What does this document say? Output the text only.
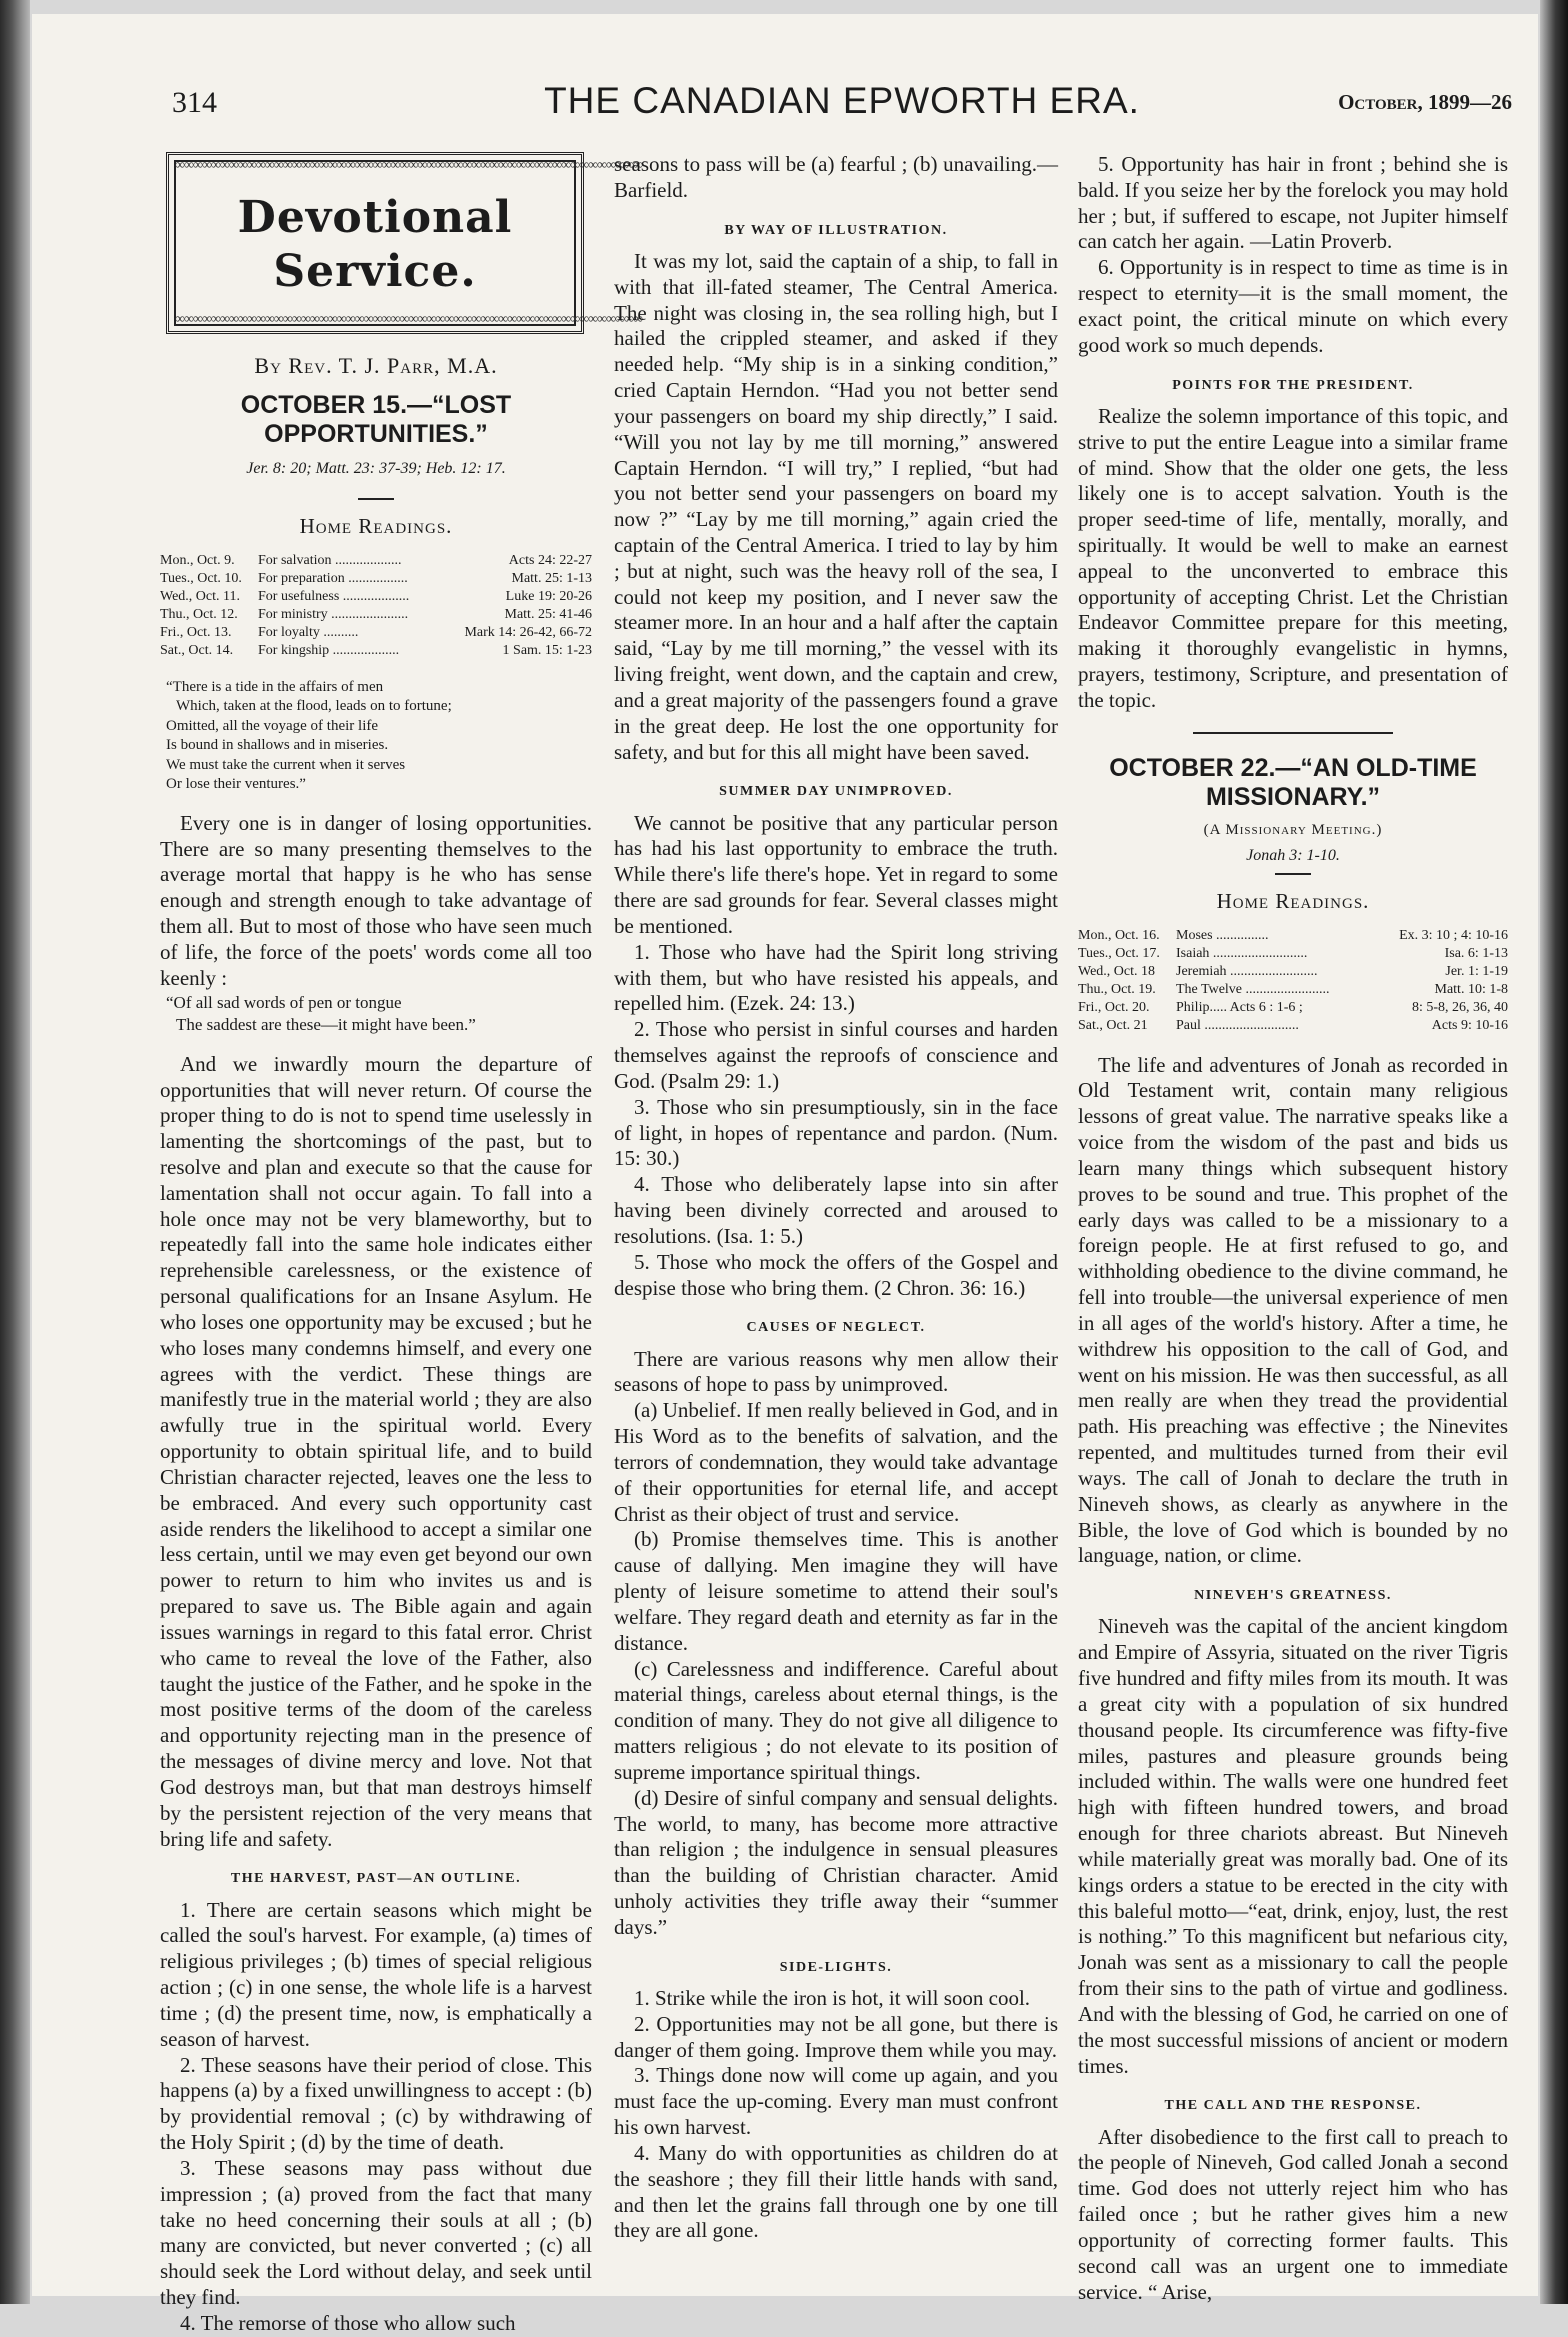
314	THE CANADIAN EPWORTH ERA.	October, 1899—26
∞∞∞∞∞∞∞∞∞∞∞∞∞∞∞∞∞∞∞∞∞∞∞∞∞∞∞∞∞∞∞∞∞∞∞∞∞∞∞∞∞∞∞∞∞∞∞∞∞∞∞∞
Devotional Service.
∞∞∞∞∞∞∞∞∞∞∞∞∞∞∞∞∞∞∞∞∞∞∞∞∞∞∞∞∞∞∞∞∞∞∞∞∞∞∞∞∞∞∞∞∞∞∞∞∞∞∞∞
By Rev. T. J. Parr, M.A.
OCTOBER 15.—“LOST OPPORTUNITIES.”
Jer. 8: 20; Matt. 23: 37-39; Heb. 12: 17.
Home Readings.
Mon., Oct. 9.	For salvation ...................	Acts 24: 22-27
Tues., Oct. 10.	For preparation .................	Matt. 25: 1-13
Wed., Oct. 11.	For usefulness ...................	Luke 19: 20-26
Thu., Oct. 12.	For ministry ......................	Matt. 25: 41-46
Fri., Oct. 13.	For loyalty ..........	Mark 14: 26-42, 66-72
Sat., Oct. 14.	For kingship ...................	1 Sam. 15: 1-23
“There is a tide in the affairs of men
Which, taken at the flood, leads on to fortune;
Omitted, all the voyage of their life
Is bound in shallows and in miseries.
We must take the current when it serves
Or lose their ventures.”

Every one is in danger of losing opportunities. There are so many presenting themselves to the average mortal that happy is he who has sense enough and strength enough to take advantage of them all. But to most of those who have seen much of life, the force of the poets' words come all too keenly :

“Of all sad words of pen or tongue
The saddest are these—it might have been.”

And we inwardly mourn the departure of opportunities that will never return. Of course the proper thing to do is not to spend time uselessly in lamenting the shortcomings of the past, but to resolve and plan and execute so that the cause for lamentation shall not occur again. To fall into a hole once may not be very blameworthy, but to repeatedly fall into the same hole indicates either reprehensible carelessness, or the existence of personal qualifications for an Insane Asylum. He who loses one opportunity may be excused ; but he who loses many condemns himself, and every one agrees with the verdict. These things are manifestly true in the material world ; they are also awfully true in the spiritual world. Every opportunity to obtain spiritual life, and to build Christian character rejected, leaves one the less to be embraced. And every such opportunity cast aside renders the likelihood to accept a similar one less certain, until we may even get beyond our own power to return to him who invites us and is prepared to save us. The Bible again and again issues warnings in regard to this fatal error. Christ who came to reveal the love of the Father, also taught the justice of the Father, and he spoke in the most positive terms of the doom of the careless and opportunity rejecting man in the presence of the messages of divine mercy and love. Not that God destroys man, but that man destroys himself by the persistent rejection of the very means that bring life and safety.

THE HARVEST, PAST—AN OUTLINE.

1. There are certain seasons which might be called the soul's harvest. For example, (a) times of religious privileges ; (b) times of special religious action ; (c) in one sense, the whole life is a harvest time ; (d) the present time, now, is emphatically a season of harvest.

2. These seasons have their period of close. This happens (a) by a fixed unwillingness to accept : (b) by providential removal ; (c) by withdrawing of the Holy Spirit ; (d) by the time of death.

3. These seasons may pass without due impression ; (a) proved from the fact that many take no heed concerning their souls at all ; (b) many are convicted, but never converted ; (c) all should seek the Lord without delay, and seek until they find.

4. The remorse of those who allow such

seasons to pass will be (a) fearful ; (b) unavailing.—Barfield.

BY WAY OF ILLUSTRATION.

It was my lot, said the captain of a ship, to fall in with that ill-fated steamer, The Central America. The night was closing in, the sea rolling high, but I hailed the crippled steamer, and asked if they needed help. “My ship is in a sinking condition,” cried Captain Herndon. “Had you not better send your passengers on board my ship directly,” I said. “Will you not lay by me till morning,” answered Captain Herndon. “I will try,” I replied, “but had you not better send your passengers on board my now ?” “Lay by me till morning,” again cried the captain of the Central America. I tried to lay by him ; but at night, such was the heavy roll of the sea, I could not keep my position, and I never saw the steamer more. In an hour and a half after the captain said, “Lay by me till morning,” the vessel with its living freight, went down, and the captain and crew, and a great majority of the passengers found a grave in the great deep. He lost the one opportunity for safety, and but for this all might have been saved.

SUMMER DAY UNIMPROVED.

We cannot be positive that any particular person has had his last opportunity to embrace the truth. While there's life there's hope. Yet in regard to some there are sad grounds for fear. Several classes might be mentioned.

1. Those who have had the Spirit long striving with them, but who have resisted his appeals, and repelled him. (Ezek. 24: 13.)

2. Those who persist in sinful courses and harden themselves against the reproofs of conscience and God. (Psalm 29: 1.)

3. Those who sin presumptiously, sin in the face of light, in hopes of repentance and pardon. (Num. 15: 30.)

4. Those who deliberately lapse into sin after having been divinely corrected and aroused to resolutions. (Isa. 1: 5.)

5. Those who mock the offers of the Gospel and despise those who bring them. (2 Chron. 36: 16.)

CAUSES OF NEGLECT.

There are various reasons why men allow their seasons of hope to pass by unimproved.

(a) Unbelief. If men really believed in God, and in His Word as to the benefits of salvation, and the terrors of condemnation, they would take advantage of their opportunities for eternal life, and accept Christ as their object of trust and service.

(b) Promise themselves time. This is another cause of dallying. Men imagine they will have plenty of leisure sometime to attend their soul's welfare. They regard death and eternity as far in the distance.

(c) Carelessness and indifference. Careful about material things, careless about eternal things, is the condition of many. They do not give all diligence to matters religious ; do not elevate to its position of supreme importance spiritual things.

(d) Desire of sinful company and sensual delights. The world, to many, has become more attractive than religion ; the indulgence in sensual pleasures than the building of Christian character. Amid unholy activities they trifle away their “summer days.”

SIDE-LIGHTS.

1. Strike while the iron is hot, it will soon cool.

2. Opportunities may not be all gone, but there is danger of them going. Improve them while you may.

3. Things done now will come up again, and you must face the up-coming. Every man must confront his own harvest.

4. Many do with opportunities as children do at the seashore ; they fill their little hands with sand, and then let the grains fall through one by one till they are all gone.

5. Opportunity has hair in front ; behind she is bald. If you seize her by the forelock you may hold her ; but, if suffered to escape, not Jupiter himself can catch her again. —Latin Proverb.

6. Opportunity is in respect to time as time is in respect to eternity—it is the small moment, the exact point, the critical minute on which every good work so much depends.

POINTS FOR THE PRESIDENT.

Realize the solemn importance of this topic, and strive to put the entire League into a similar frame of mind. Show that the older one gets, the less likely one is to accept salvation. Youth is the proper seed-time of life, mentally, morally, and spiritually. It would be well to make an earnest appeal to the unconverted to embrace this opportunity of accepting Christ. Let the Christian Endeavor Committee prepare for this meeting, making it thoroughly evangelistic in hymns, prayers, testimony, Scripture, and presentation of the topic.

OCTOBER 22.—“AN OLD-TIME MISSIONARY.”
(A Missionary Meeting.)
Jonah 3: 1-10.
Home Readings.
Mon., Oct. 16.	Moses ...............	Ex. 3: 10 ; 4: 10-16
Tues., Oct. 17.	Isaiah ...........................	Isa. 6: 1-13
Wed., Oct. 18	Jeremiah .........................	Jer. 1: 1-19
Thu., Oct. 19.	The Twelve ........................	Matt. 10: 1-8
Fri., Oct. 20.	Philip..... Acts 6 : 1-6 ;	8: 5-8, 26, 36, 40
Sat., Oct. 21	Paul ...........................	Acts 9: 10-16

The life and adventures of Jonah as recorded in Old Testament writ, contain many religious lessons of great value. The narrative speaks like a voice from the wisdom of the past and bids us learn many things which subsequent history proves to be sound and true. This prophet of the early days was called to be a missionary to a foreign people. He at first refused to go, and withholding obedience to the divine command, he fell into trouble—the universal experience of men in all ages of the world's history. After a time, he withdrew his opposition to the call of God, and went on his mission. He was then successful, as all men really are when they tread the providential path. His preaching was effective ; the Ninevites repented, and multitudes turned from their evil ways. The call of Jonah to declare the truth in Nineveh shows, as clearly as anywhere in the Bible, the love of God which is bounded by no language, nation, or clime.

NINEVEH'S GREATNESS.

Nineveh was the capital of the ancient kingdom and Empire of Assyria, situated on the river Tigris five hundred and fifty miles from its mouth. It was a great city with a population of six hundred thousand people. Its circumference was fifty-five miles, pastures and pleasure grounds being included within. The walls were one hundred feet high with fifteen hundred towers, and broad enough for three chariots abreast. But Nineveh while materially great was morally bad. One of its kings orders a statue to be erected in the city with this baleful motto—“eat, drink, enjoy, lust, the rest is nothing.” To this magnificent but nefarious city, Jonah was sent as a missionary to call the people from their sins to the path of virtue and godliness. And with the blessing of God, he carried on one of the most successful missions of ancient or modern times.

THE CALL AND THE RESPONSE.

After disobedience to the first call to preach to the people of Nineveh, God called Jonah a second time. God does not utterly reject him who has failed once ; but he rather gives him a new opportunity of correcting former faults. This second call was an urgent one to immediate service. “ Arise,
